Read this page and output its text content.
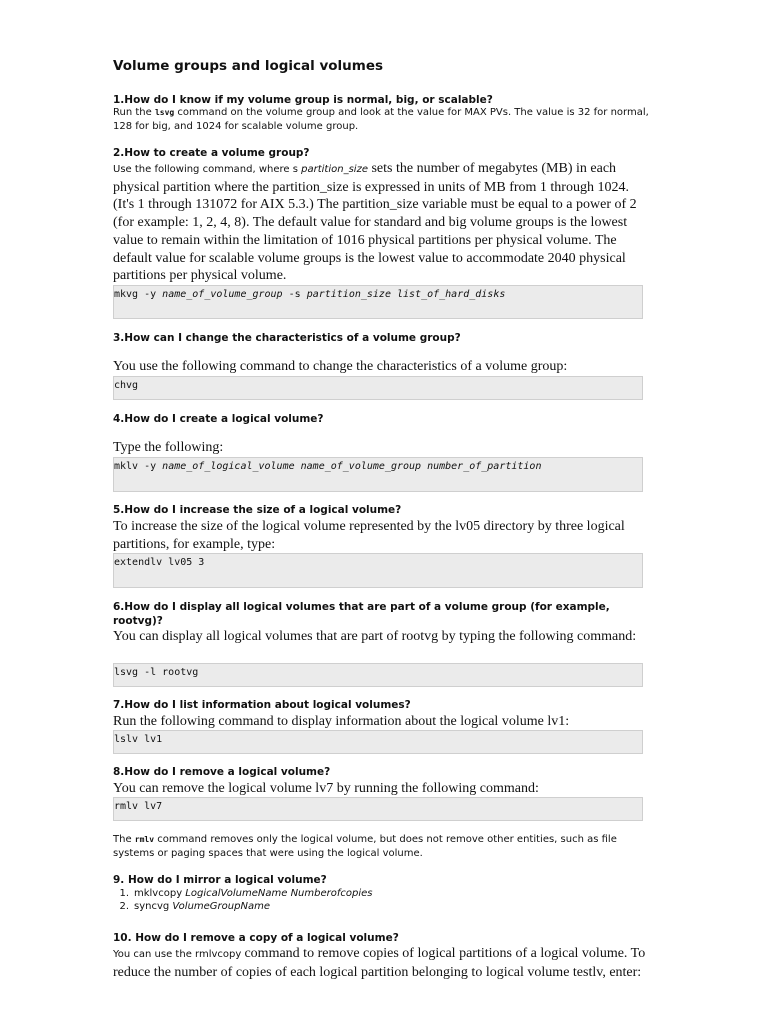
Volume groups and logical volumes
1.How do I know if my volume group is normal, big, or scalable?
Run the lsvg command on the volume group and look at the value for MAX PVs. The value is 32 for normal, 128 for big, and 1024 for scalable volume group.
2.How to create a volume group?
Use the following command, where s partition_size sets the number of megabytes (MB) in each physical partition where the partition_size is expressed in units of MB from 1 through 1024. (It's 1 through 131072 for AIX 5.3.) The partition_size variable must be equal to a power of 2 (for example: 1, 2, 4, 8). The default value for standard and big volume groups is the lowest value to remain within the limitation of 1016 physical partitions per physical volume. The default value for scalable volume groups is the lowest value to accommodate 2040 physical partitions per physical volume.
mkvg -y name_of_volume_group -s partition_size list_of_hard_disks
3.How can I change the characteristics of a volume group?
You use the following command to change the characteristics of a volume group:
chvg
4.How do I create a logical volume?
Type the following:
mklv -y name_of_logical_volume name_of_volume_group number_of_partition
5.How do I increase the size of a logical volume?
To increase the size of the logical volume represented by the lv05 directory by three logical partitions, for example, type:
extendlv lv05 3
6.How do I display all logical volumes that are part of a volume group (for example, rootvg)?
You can display all logical volumes that are part of rootvg by typing the following command:
lsvg -l rootvg
7.How do I list information about logical volumes?
Run the following command to display information about the logical volume lv1:
lslv lv1
8.How do I remove a logical volume?
You can remove the logical volume lv7 by running the following command:
rmlv lv7
The rmlv command removes only the logical volume, but does not remove other entities, such as file systems or paging spaces that were using the logical volume.
9. How do I mirror a logical volume?
1. mklvcopy LogicalVolumeName Numberofcopies
2. syncvg VolumeGroupName
10. How do I remove a copy of a logical volume?
You can use the rmlvcopy command to remove copies of logical partitions of a logical volume. To reduce the number of copies of each logical partition belonging to logical volume testlv, enter:
